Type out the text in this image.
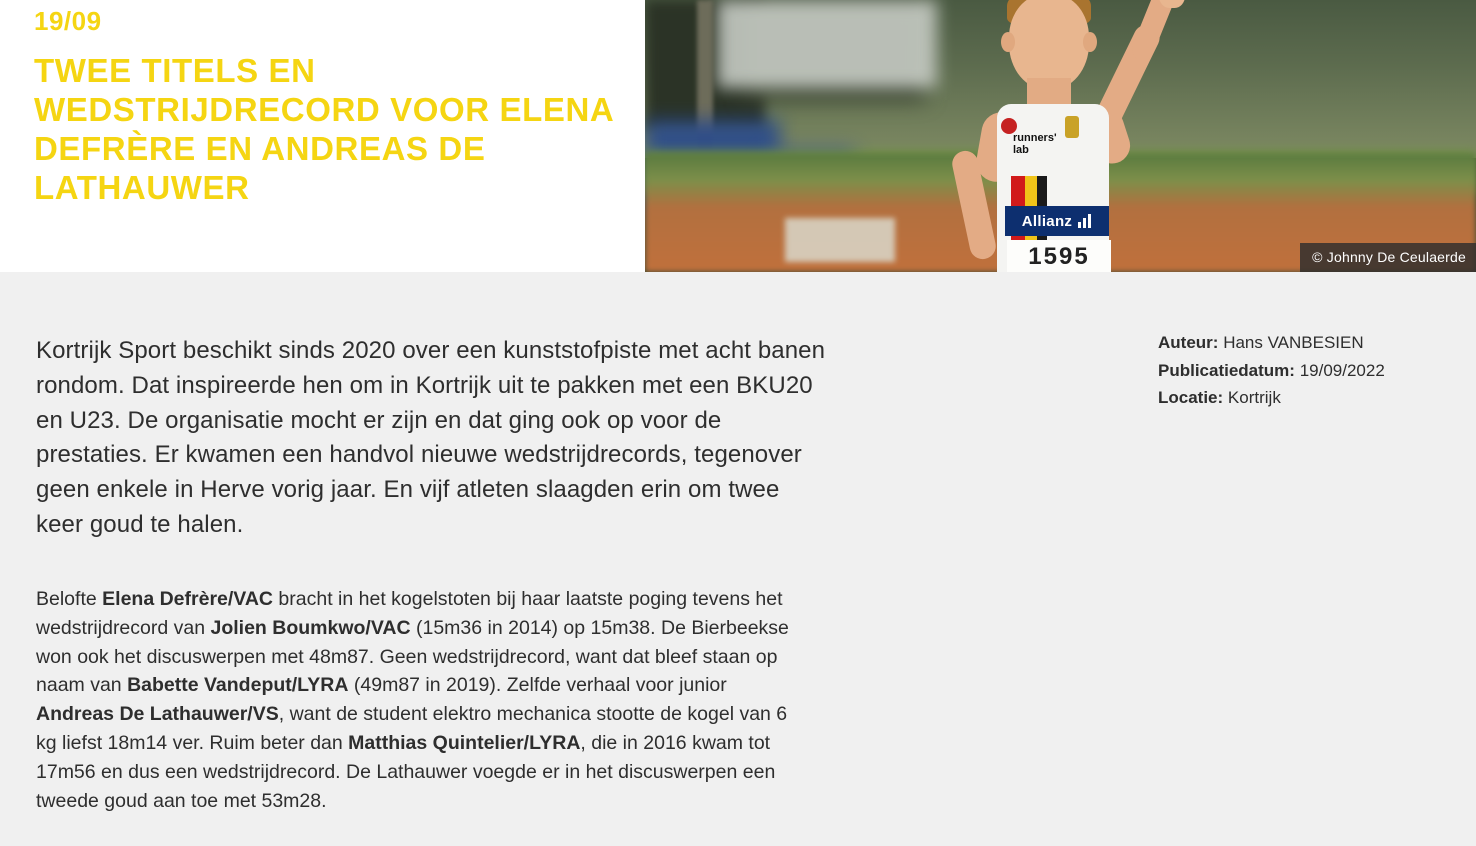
19/09
TWEE TITELS EN WEDSTRIJDRECORD VOOR ELENA DEFRÈRE EN ANDREAS DE LATHAUWER
runners' lab
Allianz
1595	© Johnny De Ceulaerde

Kortrijk Sport beschikt sinds 2020 over een kunststofpiste met acht banen rondom. Dat inspireerde hen om in Kortrijk uit te pakken met een BKU20 en U23. De organisatie mocht er zijn en dat ging ook op voor de prestaties. Er kwamen een handvol nieuwe wedstrijdrecords, tegenover geen enkele in Herve vorig jaar. En vijf atleten slaagden erin om twee keer goud te halen.

Belofte Elena Defrère/VAC bracht in het kogelstoten bij haar laatste poging tevens het wedstrijdrecord van Jolien Boumkwo/VAC (15m36 in 2014) op 15m38. De Bierbeekse won ook het discuswerpen met 48m87. Geen wedstrijdrecord, want dat bleef staan op naam van Babette Vandeput/LYRA (49m87 in 2019). Zelfde verhaal voor junior Andreas De Lathauwer/VS, want de student elektro mechanica stootte de kogel van 6 kg liefst 18m14 ver. Ruim beter dan Matthias Quintelier/LYRA, die in 2016 kwam tot 17m56 en dus een wedstrijdrecord. De Lathauwer voegde er in het discuswerpen een tweede goud aan toe met 53m28.

Auteur: Hans VANBESIEN
Publicatiedatum: 19/09/2022
Locatie: Kortrijk
